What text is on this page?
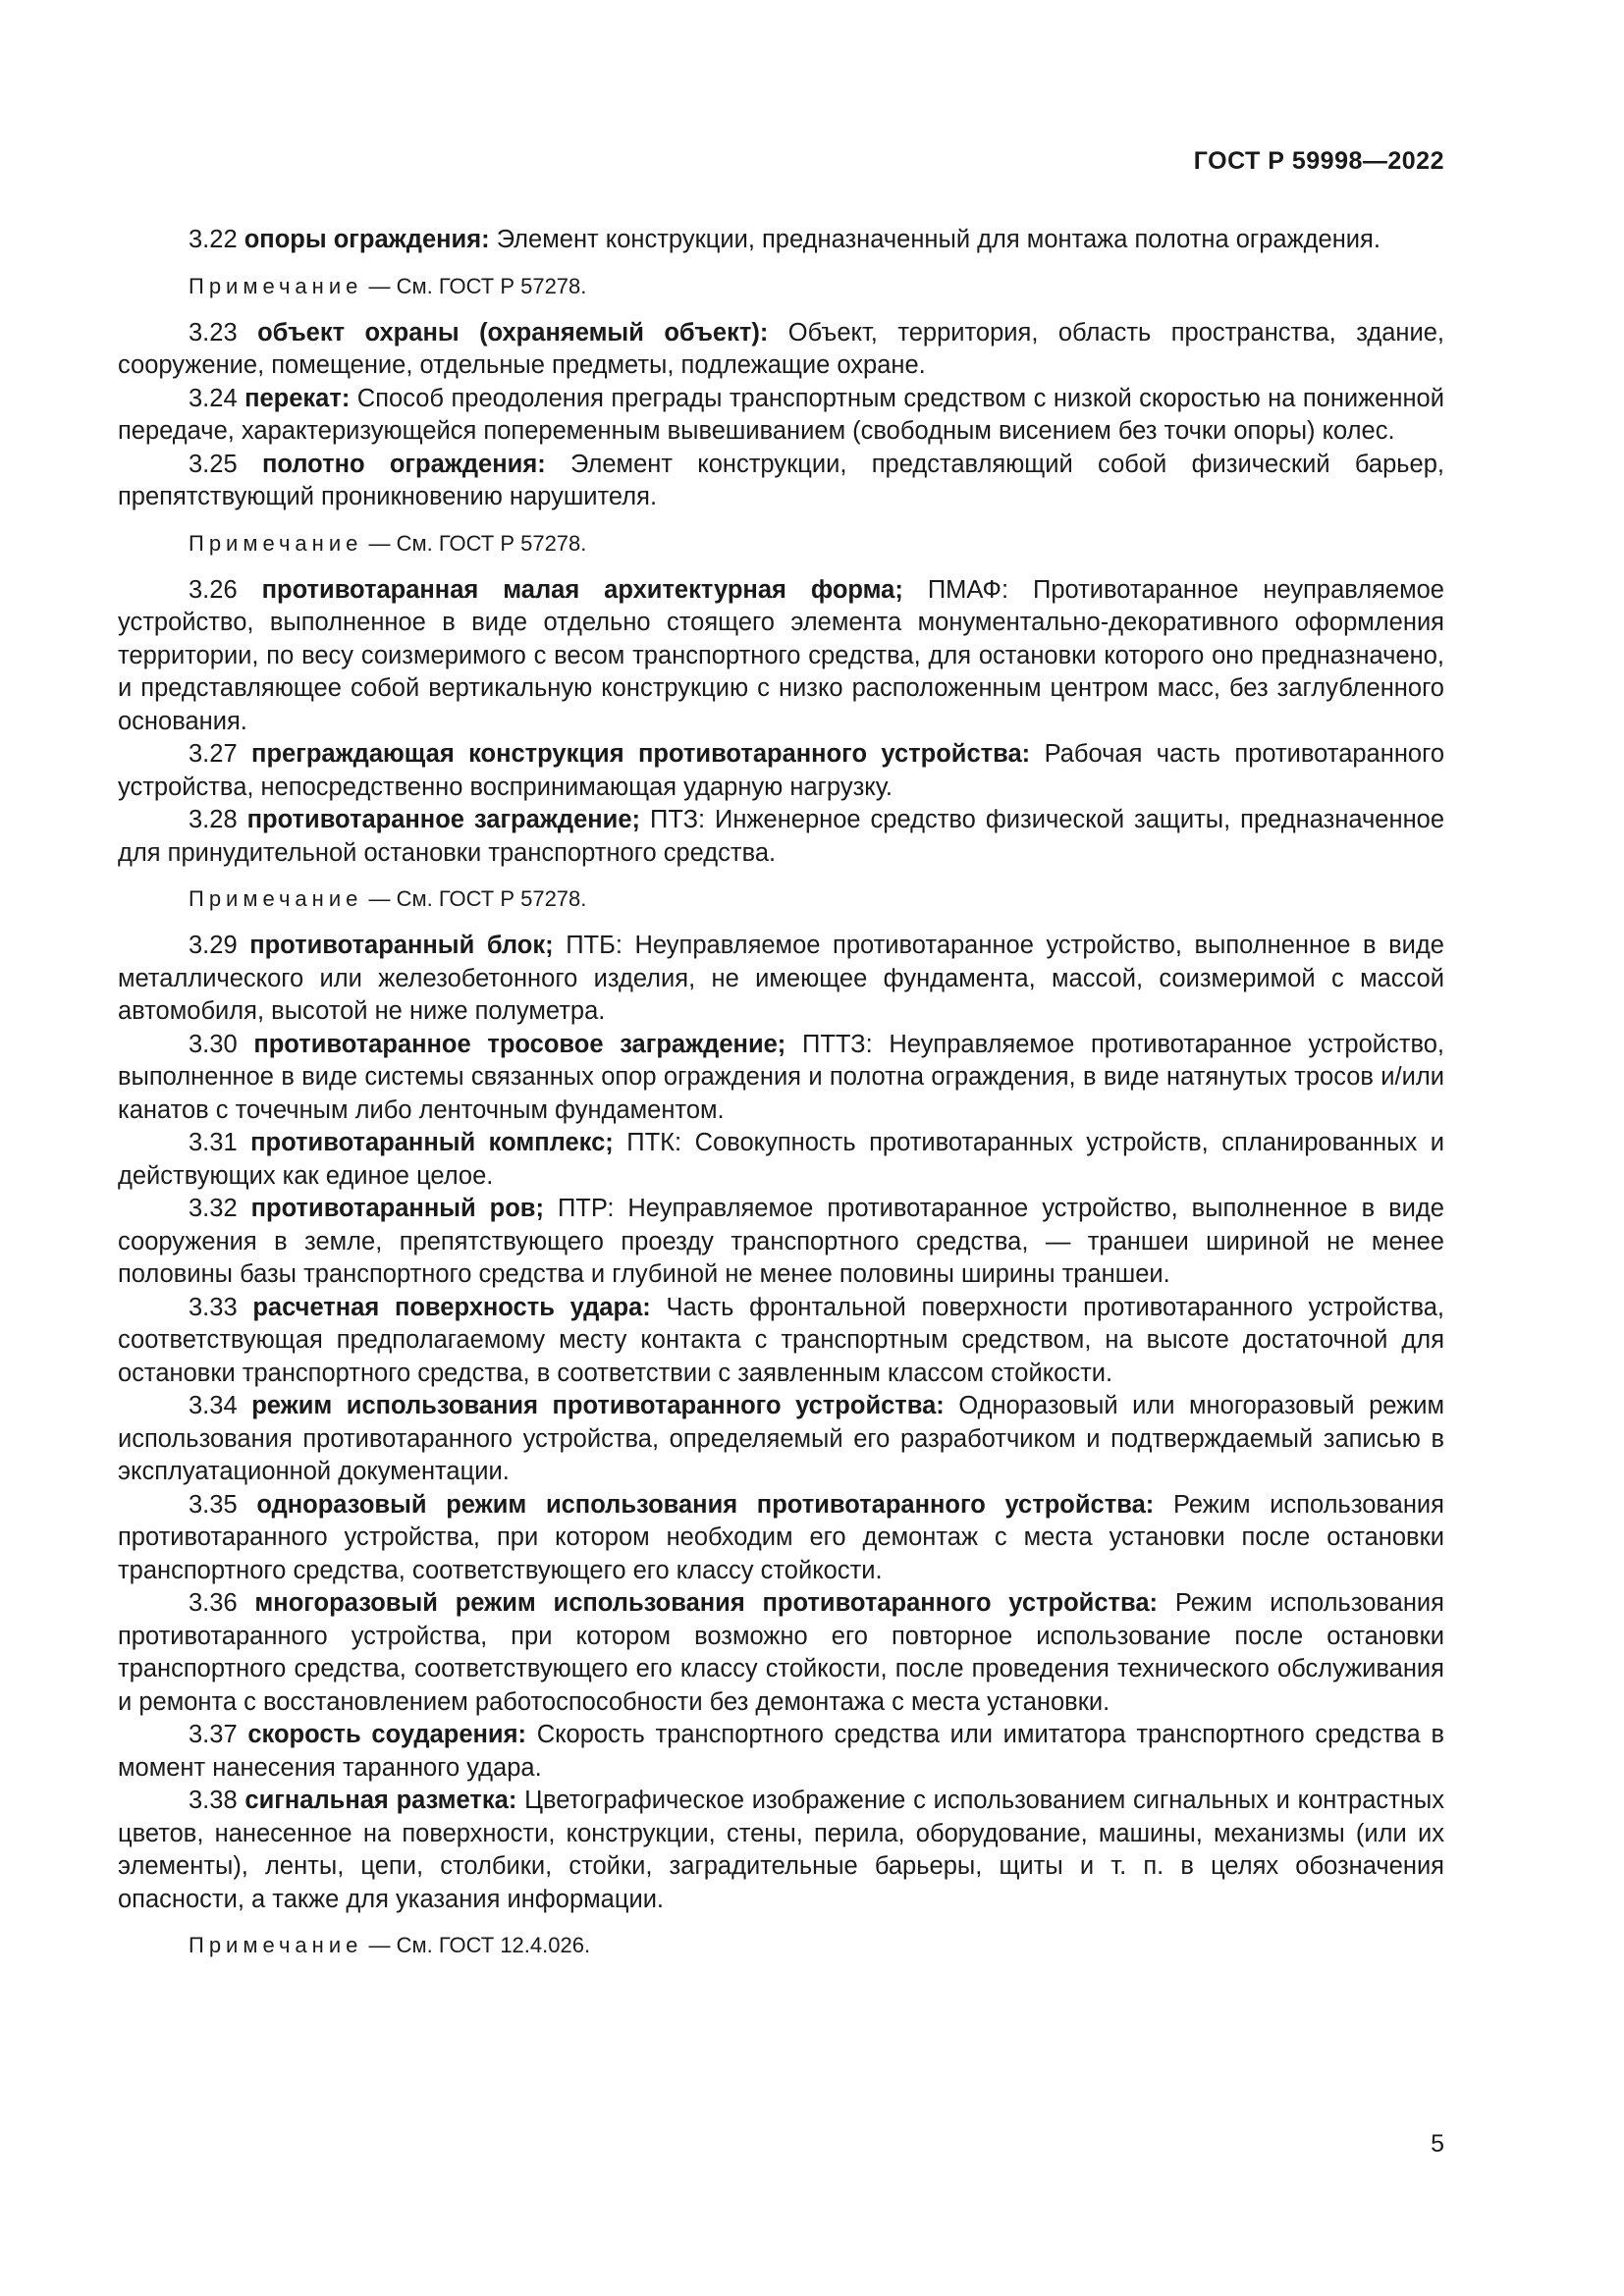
ГОСТ Р 59998—2022

3.22 опоры ограждения: Элемент конструкции, предназначенный для монтажа полотна ограждения.

Примечание — См. ГОСТ Р 57278.

3.23 объект охраны (охраняемый объект): Объект, территория, область пространства, здание, сооружение, помещение, отдельные предметы, подлежащие охране.

3.24 перекат: Способ преодоления преграды транспортным средством с низкой скоростью на пониженной передаче, характеризующейся попеременным вывешиванием (свободным висением без точки опоры) колес.

3.25 полотно ограждения: Элемент конструкции, представляющий собой физический барьер, препятствующий проникновению нарушителя.

Примечание — См. ГОСТ Р 57278.

3.26 противотаранная малая архитектурная форма; ПМАФ: Противотаранное неуправляемое устройство, выполненное в виде отдельно стоящего элемента монументально-декоративного оформления территории, по весу соизмеримого с весом транспортного средства, для остановки которого оно предназначено, и представляющее собой вертикальную конструкцию с низко расположенным центром масс, без заглубленного основания.

3.27 преграждающая конструкция противотаранного устройства: Рабочая часть противотаранного устройства, непосредственно воспринимающая ударную нагрузку.

3.28 противотаранное заграждение; ПТЗ: Инженерное средство физической защиты, предназначенное для принудительной остановки транспортного средства.

Примечание — См. ГОСТ Р 57278.

3.29 противотаранный блок; ПТБ: Неуправляемое противотаранное устройство, выполненное в виде металлического или железобетонного изделия, не имеющее фундамента, массой, соизмеримой с массой автомобиля, высотой не ниже полуметра.

3.30 противотаранное тросовое заграждение; ПТТЗ: Неуправляемое противотаранное устройство, выполненное в виде системы связанных опор ограждения и полотна ограждения, в виде натянутых тросов и/или канатов с точечным либо ленточным фундаментом.

3.31 противотаранный комплекс; ПТК: Совокупность противотаранных устройств, спланированных и действующих как единое целое.

3.32 противотаранный ров; ПТР: Неуправляемое противотаранное устройство, выполненное в виде сооружения в земле, препятствующего проезду транспортного средства, — траншеи шириной не менее половины базы транспортного средства и глубиной не менее половины ширины траншеи.

3.33 расчетная поверхность удара: Часть фронтальной поверхности противотаранного устройства, соответствующая предполагаемому месту контакта с транспортным средством, на высоте достаточной для остановки транспортного средства, в соответствии с заявленным классом стойкости.

3.34 режим использования противотаранного устройства: Одноразовый или многоразовый режим использования противотаранного устройства, определяемый его разработчиком и подтверждаемый записью в эксплуатационной документации.

3.35 одноразовый режим использования противотаранного устройства: Режим использования противотаранного устройства, при котором необходим его демонтаж с места установки после остановки транспортного средства, соответствующего его классу стойкости.

3.36 многоразовый режим использования противотаранного устройства: Режим использования противотаранного устройства, при котором возможно его повторное использование после остановки транспортного средства, соответствующего его классу стойкости, после проведения технического обслуживания и ремонта с восстановлением работоспособности без демонтажа с места установки.

3.37 скорость соударения: Скорость транспортного средства или имитатора транспортного средства в момент нанесения таранного удара.

3.38 сигнальная разметка: Цветографическое изображение с использованием сигнальных и контрастных цветов, нанесенное на поверхности, конструкции, стены, перила, оборудование, машины, механизмы (или их элементы), ленты, цепи, столбики, стойки, заградительные барьеры, щиты и т. п. в целях обозначения опасности, а также для указания информации.

Примечание — См. ГОСТ 12.4.026.

5
